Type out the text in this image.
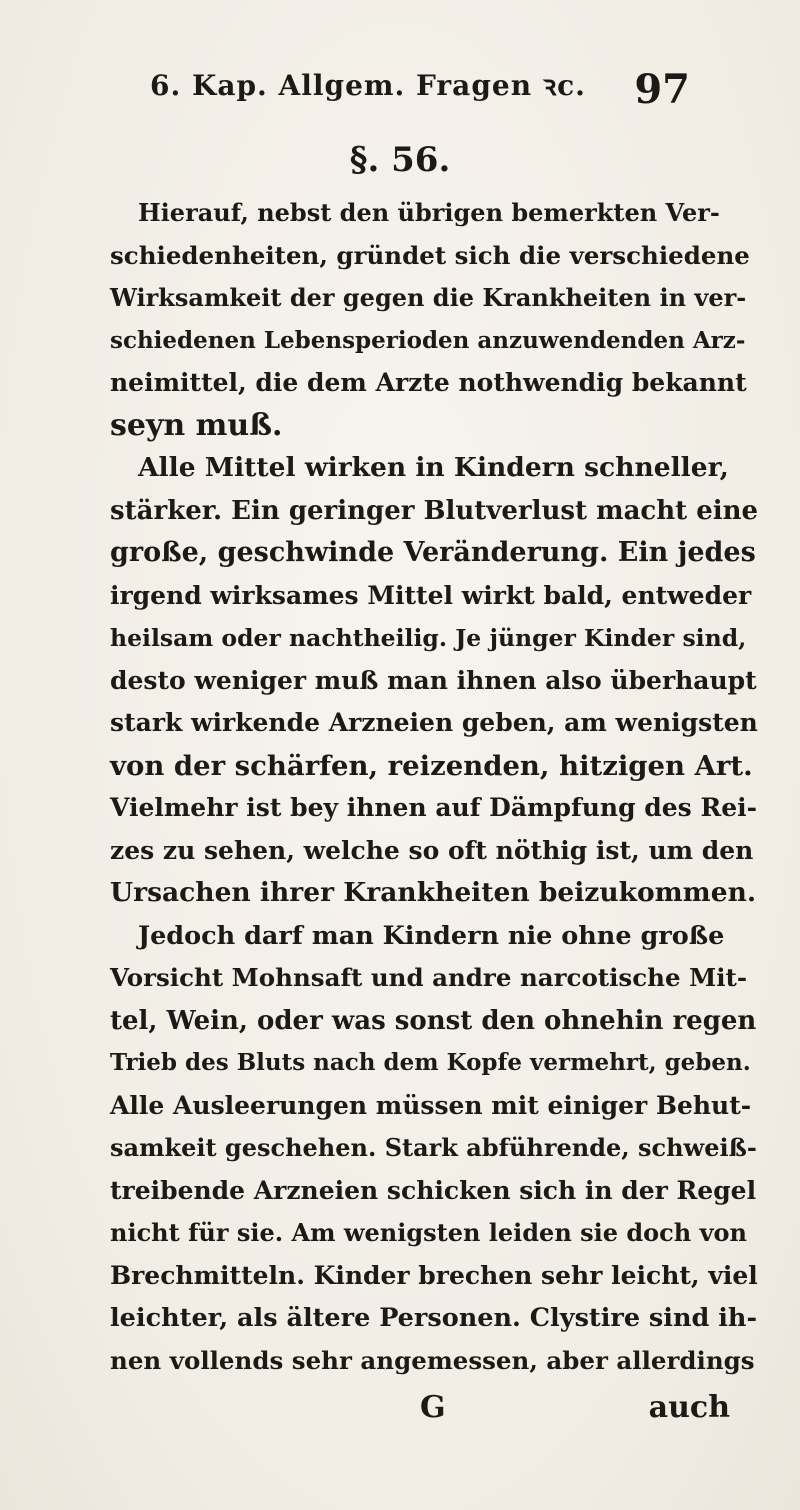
6. Kap. Allgem. Fragen ꝛc. 97
§. 56.
Hierauf, nebst den übrigen bemerkten Ver-
schiedenheiten, gründet sich die verschiedene
Wirksamkeit der gegen die Krankheiten in ver-
schiedenen Lebensperioden anzuwendenden Arz-
neimittel, die dem Arzte nothwendig bekannt
seyn muß.
Alle Mittel wirken in Kindern schneller,
stärker. Ein geringer Blutverlust macht eine
große, geschwinde Veränderung. Ein jedes
irgend wirksames Mittel wirkt bald, entweder
heilsam oder nachtheilig. Je jünger Kinder sind,
desto weniger muß man ihnen also überhaupt
stark wirkende Arzneien geben, am wenigsten
von der schärfen, reizenden, hitzigen Art.
Vielmehr ist bey ihnen auf Dämpfung des Rei-
zes zu sehen, welche so oft nöthig ist, um den
Ursachen ihrer Krankheiten beizukommen.
Jedoch darf man Kindern nie ohne große
Vorsicht Mohnsaft und andre narcotische Mit-
tel, Wein, oder was sonst den ohnehin regen
Trieb des Bluts nach dem Kopfe vermehrt, geben.
Alle Ausleerungen müssen mit einiger Behut-
samkeit geschehen. Stark abführende, schweiß-
treibende Arzneien schicken sich in der Regel
nicht für sie. Am wenigsten leiden sie doch von
Brechmitteln. Kinder brechen sehr leicht, viel
leichter, als ältere Personen. Clystire sind ih-
nen vollends sehr angemessen, aber allerdings
G	auch
